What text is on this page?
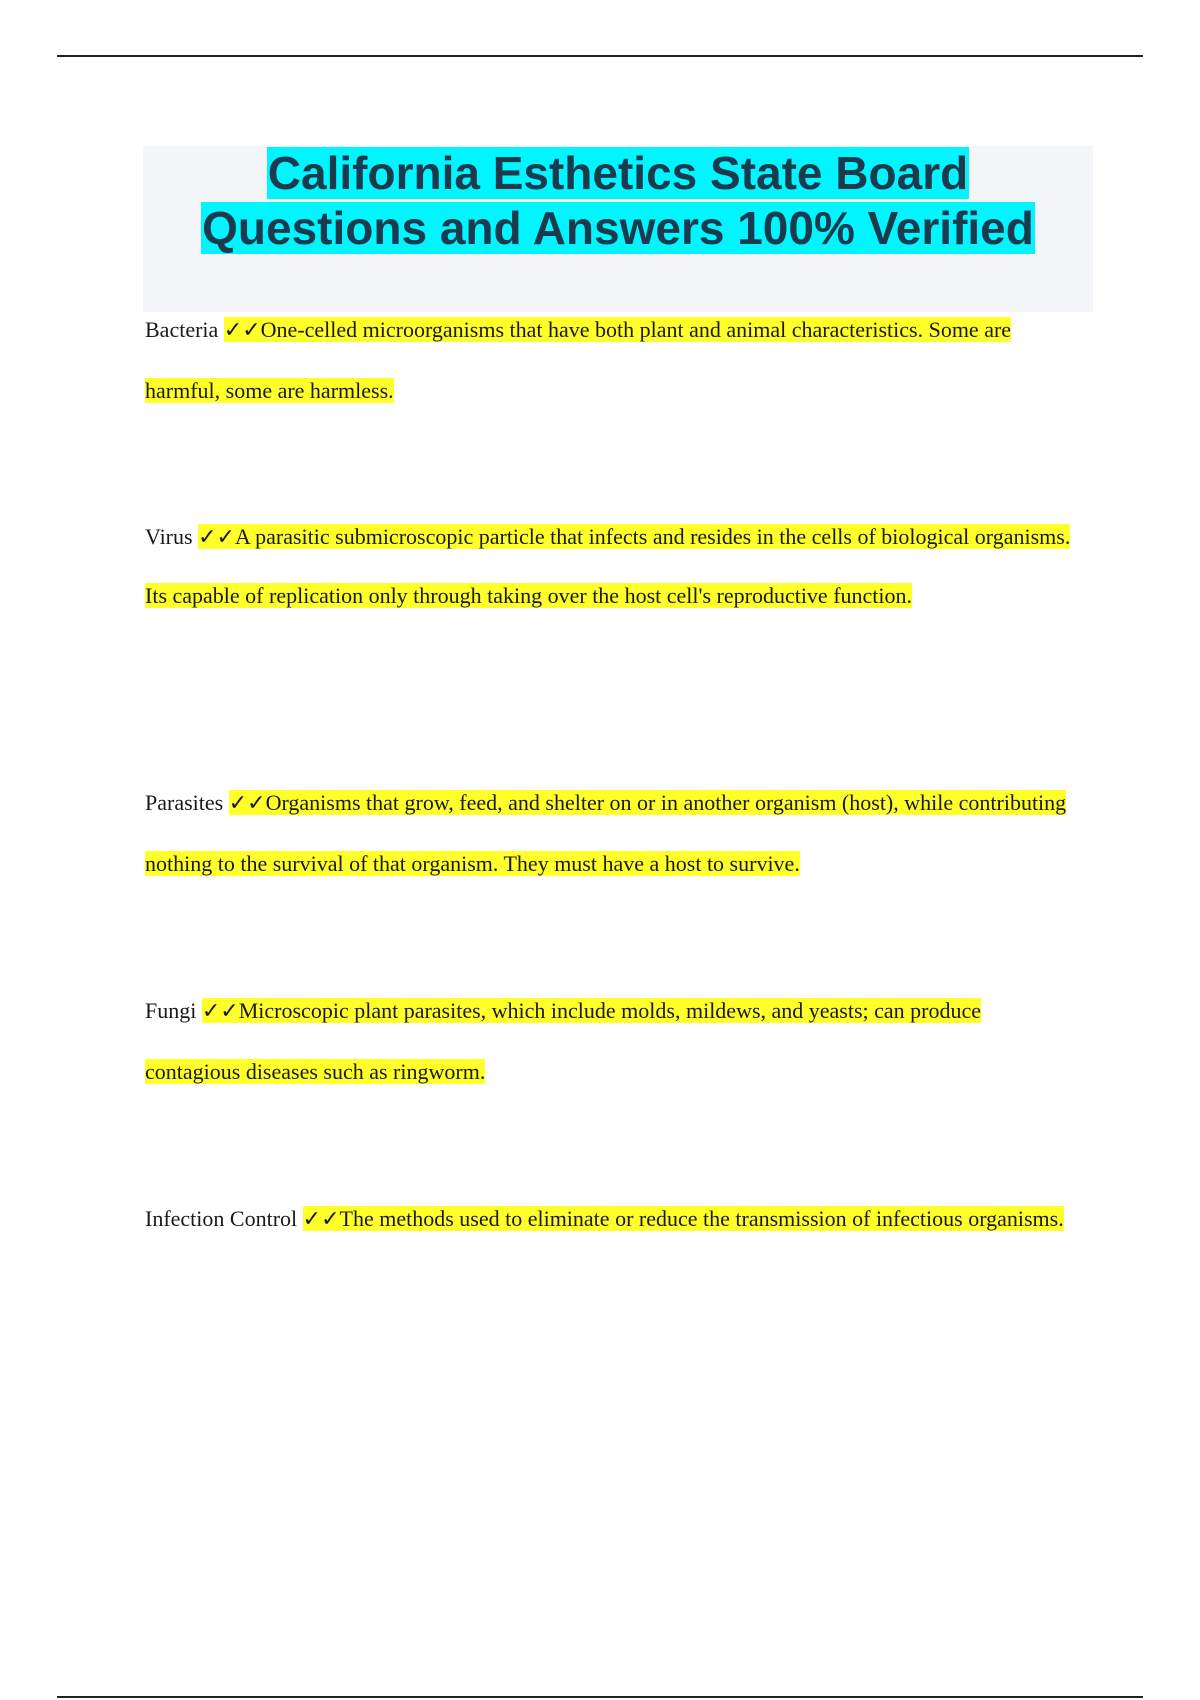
California Esthetics State Board
Questions and Answers 100% Verified

Bacteria ✓✓One-celled microorganisms that have both plant and animal characteristics. Some are harmful, some are harmless.

Virus ✓✓A parasitic submicroscopic particle that infects and resides in the cells of biological organisms. Its capable of replication only through taking over the host cell's reproductive function.

Parasites ✓✓Organisms that grow, feed, and shelter on or in another organism (host), while contributing nothing to the survival of that organism. They must have a host to survive.

Fungi ✓✓Microscopic plant parasites, which include molds, mildews, and yeasts; can produce contagious diseases such as ringworm.

Infection Control ✓✓The methods used to eliminate or reduce the transmission of infectious organisms.
